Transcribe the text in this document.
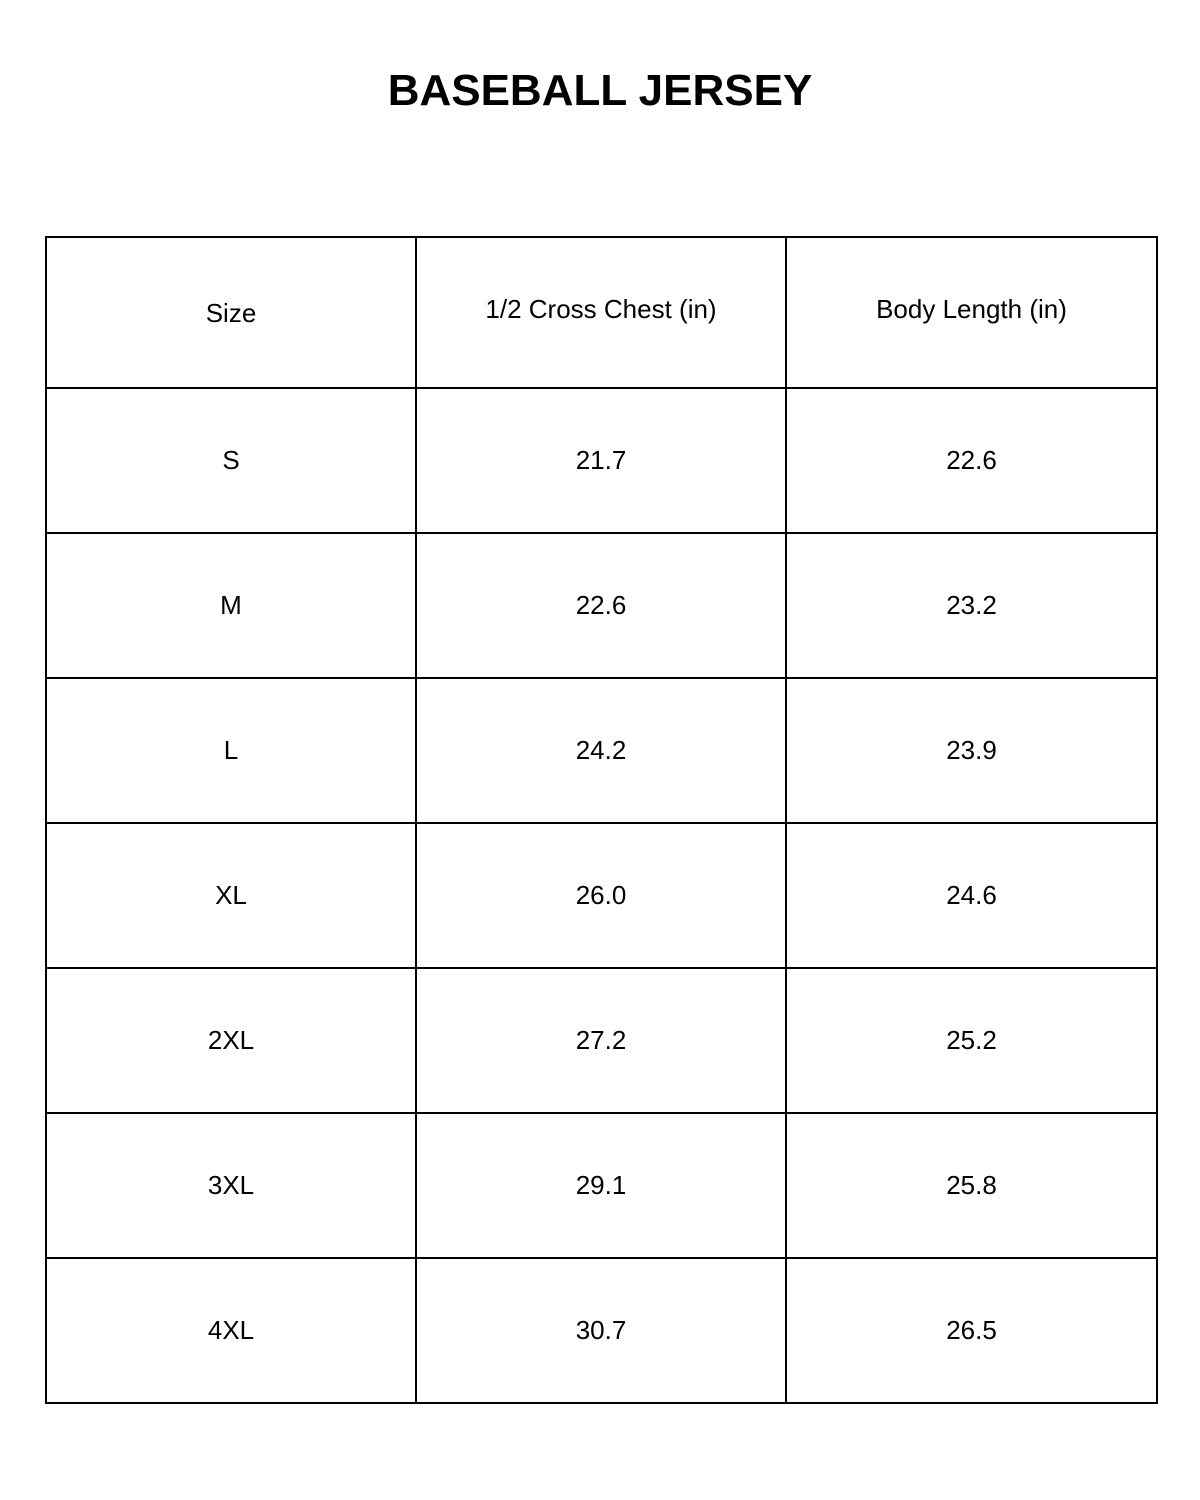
BASEBALL JERSEY
Size	1/2 Cross Chest (in)	Body Length (in)
S	21.7	22.6
M	22.6	23.2
L	24.2	23.9
XL	26.0	24.6
2XL	27.2	25.2
3XL	29.1	25.8
4XL	30.7	26.5
